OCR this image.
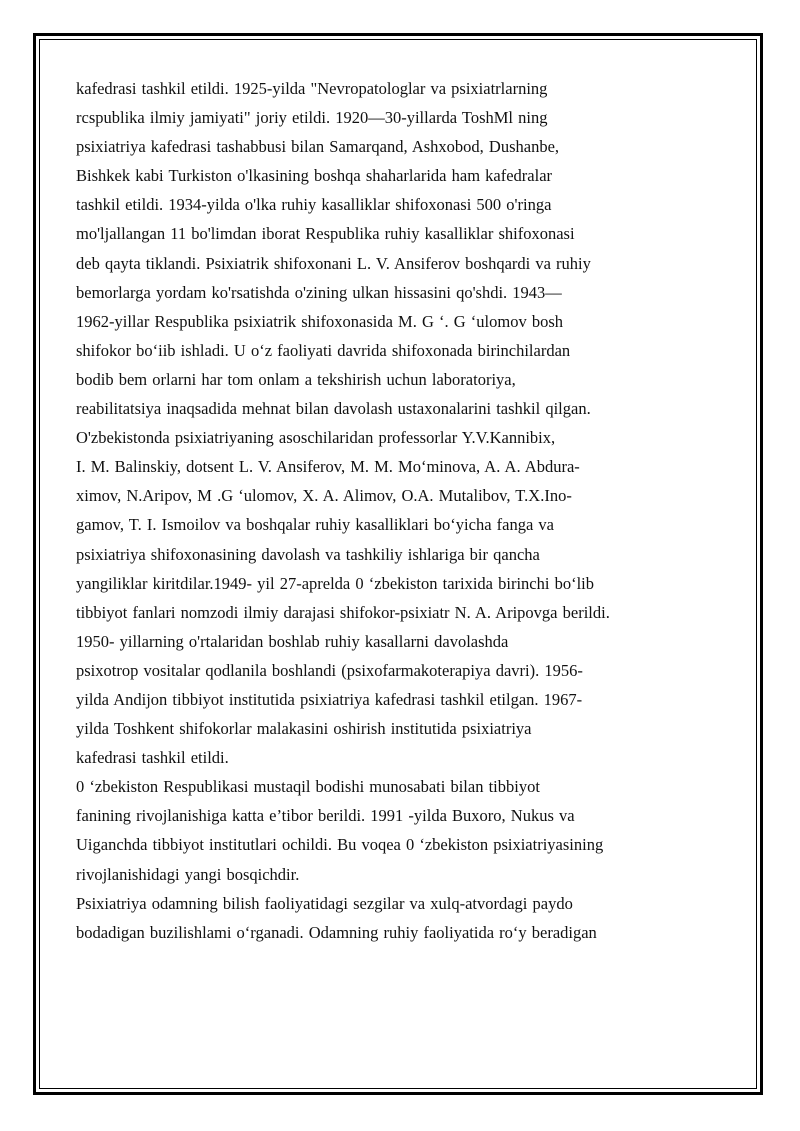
kafedrasi tashkil etildi. 1925-yilda "Nevropatologlar va psixiatrlarning
rcspublika ilmiy jamiyati" joriy etildi. 1920—30-yillarda ToshMl ning
psixiatriya kafedrasi tashabbusi bilan Samarqand, Ashxobod, Dushanbe,
Bishkek kabi Turkiston o'lkasining boshqa shaharlarida ham kafedralar
tashkil etildi. 1934-yilda o'lka ruhiy kasalliklar shifoxonasi 500 o'ringa
mo'ljallangan 11 bo'limdan iborat Respublika ruhiy kasalliklar shifoxonasi
deb qayta tiklandi. Psixiatrik shifoxonani L. V. Ansiferov boshqardi va ruhiy
bemorlarga yordam ko'rsatishda o'zining ulkan hissasini qo'shdi. 1943—
1962-yillar Respublika psixiatrik shifoxonasida M. G ‘. G ‘ulomov bosh
shifokor bo‘iib ishladi. U o‘z faoliyati davrida shifoxonada birinchilardan
bodib bem orlarni har tom onlam a tekshirish uchun laboratoriya,
reabilitatsiya inaqsadida mehnat bilan davolash ustaxonalarini tashkil qilgan.
O'zbekistonda psixiatriyaning asoschilaridan professorlar Y.V.Kannibix,
I. M. Balinskiy, dotsent L. V. Ansiferov, M. M. Mo‘minova, A. A. Abdura-
ximov, N.Aripov, M .G ‘ulomov, X. A. Alimov, O.A. Mutalibov, T.X.Ino-
gamov, T. I. Ismoilov va boshqalar ruhiy kasalliklari bo‘yicha fanga va
psixiatriya shifoxonasining davolash va tashkiliy ishlariga bir qancha
yangiliklar kiritdilar.1949- yil 27-aprelda 0 ‘zbekiston tarixida birinchi bo‘lib
tibbiyot fanlari nomzodi ilmiy darajasi shifokor-psixiatr N. A. Aripovga berildi.
1950- yillarning o'rtalaridan boshlab ruhiy kasallarni davolashda
psixotrop vositalar qodlanila boshlandi (psixofarmakoterapiya davri). 1956-
yilda Andijon tibbiyot institutida psixiatriya kafedrasi tashkil etilgan. 1967-
yilda Toshkent shifokorlar malakasini oshirish institutida psixiatriya
kafedrasi tashkil etildi.
0 ‘zbekiston Respublikasi mustaqil bodishi munosabati bilan tibbiyot
fanining rivojlanishiga katta e’tibor berildi. 1991 -yilda Buxoro, Nukus va
Uiganchda tibbiyot institutlari ochildi. Bu voqea 0 ‘zbekiston psixiatriyasining
rivojlanishidagi yangi bosqichdir.
Psixiatriya odamning bilish faoliyatidagi sezgilar va xulq-atvordagi paydo
bodadigan buzilishlami o‘rganadi. Odamning ruhiy faoliyatida ro‘y beradigan
